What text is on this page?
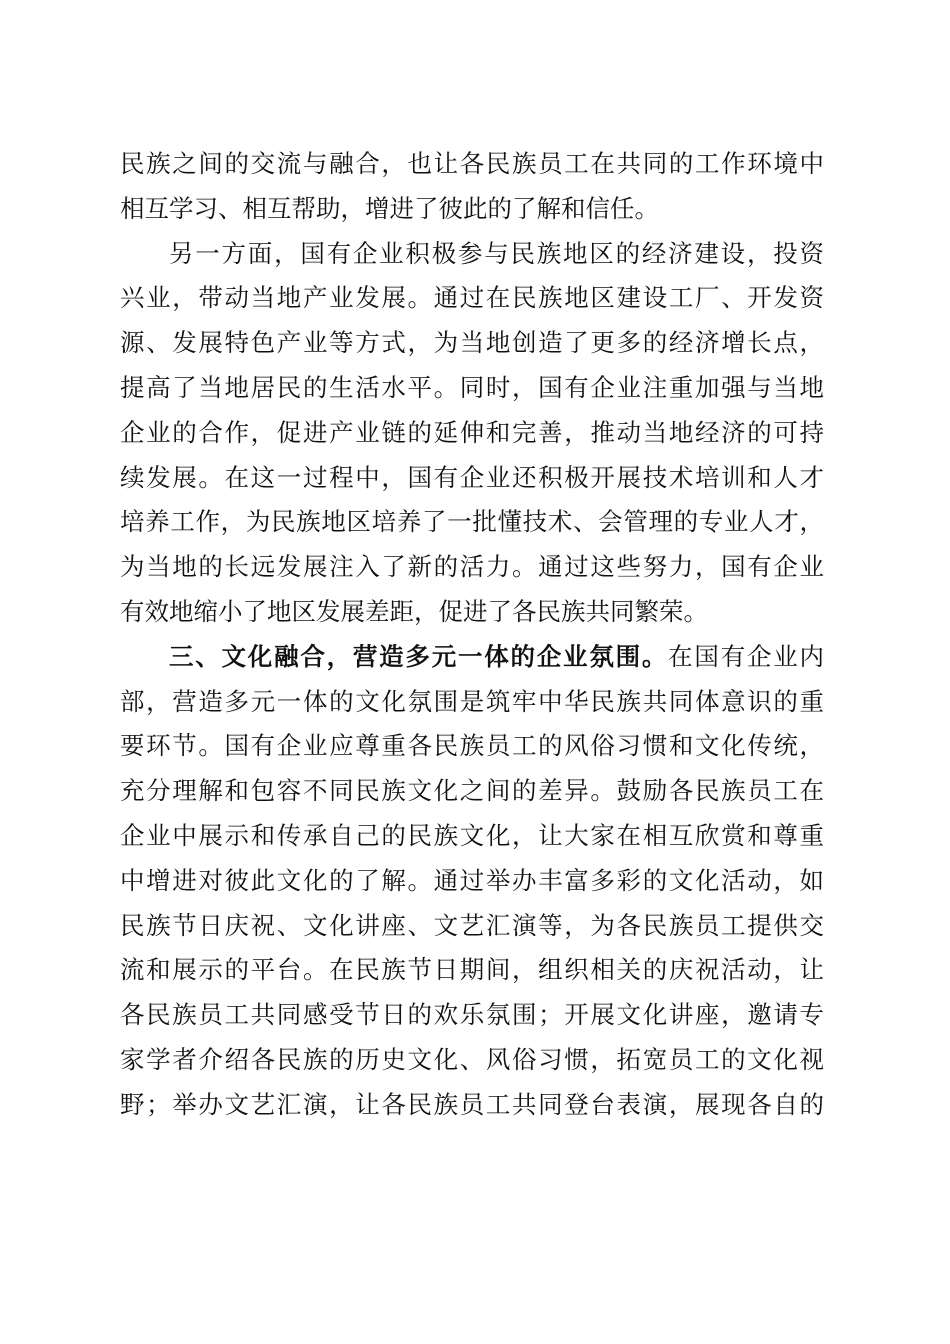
民族之间的交流与融合，也让各民族员工在共同的工作环境中
相互学习、相互帮助，增进了彼此的了解和信任。
另一方面，国有企业积极参与民族地区的经济建设，投资
兴业，带动当地产业发展。通过在民族地区建设工厂、开发资
源、发展特色产业等方式，为当地创造了更多的经济增长点，
提高了当地居民的生活水平。同时，国有企业注重加强与当地
企业的合作，促进产业链的延伸和完善，推动当地经济的可持
续发展。在这一过程中，国有企业还积极开展技术培训和人才
培养工作，为民族地区培养了一批懂技术、会管理的专业人才，
为当地的长远发展注入了新的活力。通过这些努力，国有企业
有效地缩小了地区发展差距，促进了各民族共同繁荣。
三、文化融合，营造多元一体的企业氛围。在国有企业内
部，营造多元一体的文化氛围是筑牢中华民族共同体意识的重
要环节。国有企业应尊重各民族员工的风俗习惯和文化传统，
充分理解和包容不同民族文化之间的差异。鼓励各民族员工在
企业中展示和传承自己的民族文化，让大家在相互欣赏和尊重
中增进对彼此文化的了解。通过举办丰富多彩的文化活动，如
民族节日庆祝、文化讲座、文艺汇演等，为各民族员工提供交
流和展示的平台。在民族节日期间，组织相关的庆祝活动，让
各民族员工共同感受节日的欢乐氛围；开展文化讲座，邀请专
家学者介绍各民族的历史文化、风俗习惯，拓宽员工的文化视
野；举办文艺汇演，让各民族员工共同登台表演，展现各自的
